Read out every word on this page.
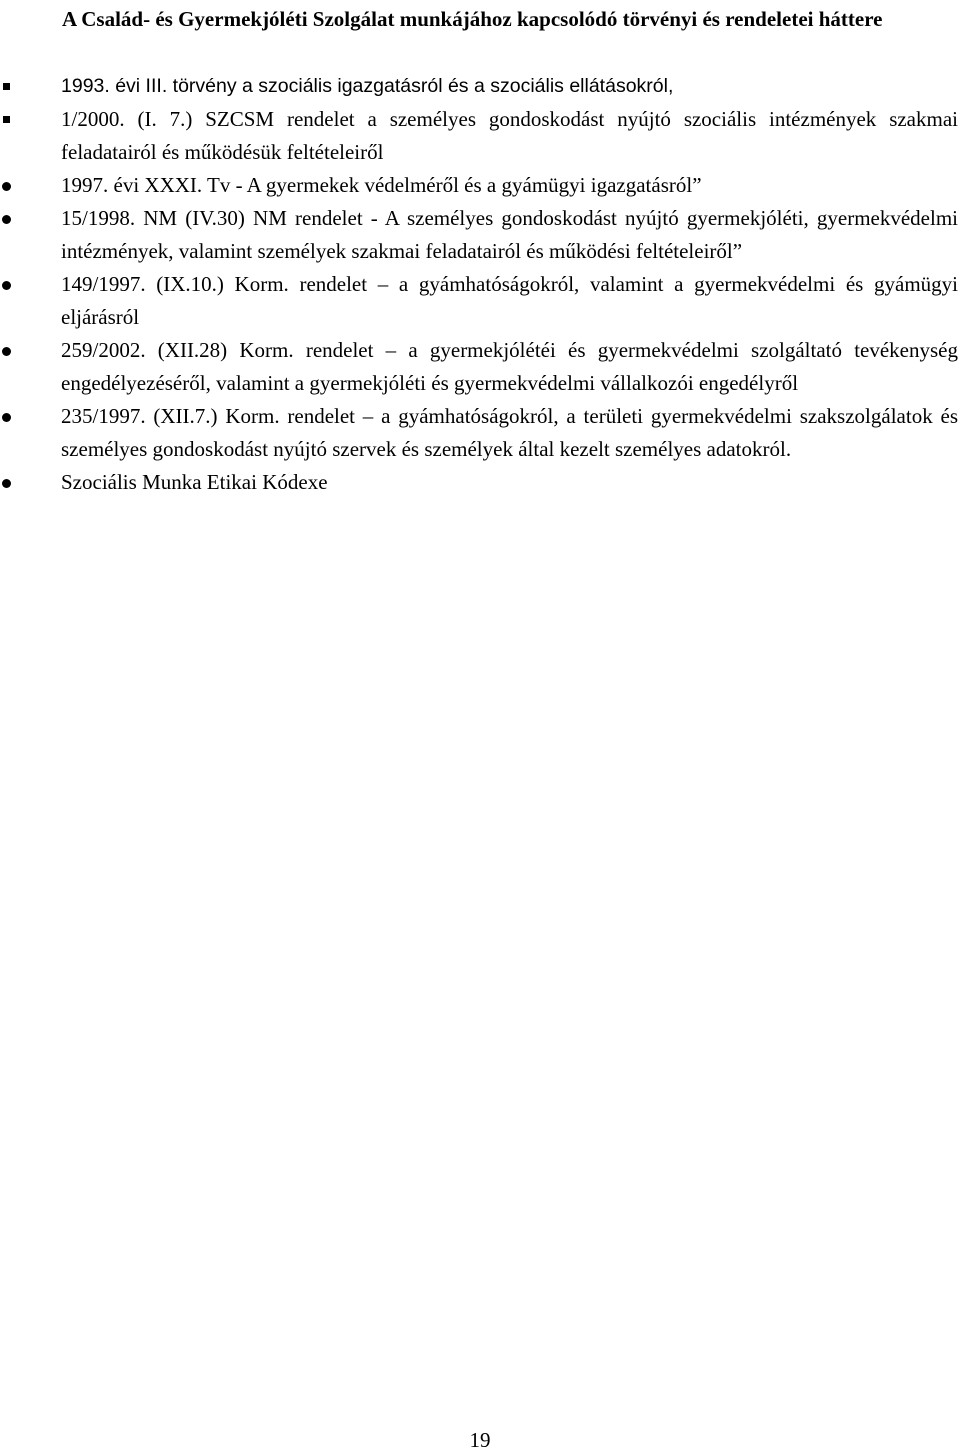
A Család- és Gyermekjóléti Szolgálat munkájához kapcsolódó törvényi és rendeletei háttere
1993. évi III. törvény a szociális igazgatásról és a szociális ellátásokról,
1/2000. (I. 7.) SZCSM rendelet a személyes gondoskodást nyújtó szociális intézmények szakmai feladatairól és működésük feltételeiről
1997. évi XXXI. Tv - A gyermekek védelméről és a gyámügyi igazgatásról”
15/1998. NM (IV.30) NM rendelet - A személyes gondoskodást nyújtó gyermekjóléti, gyermekvédelmi intézmények, valamint személyek szakmai feladatairól és működési feltételeiről”
149/1997. (IX.10.) Korm. rendelet – a gyámhatóságokról, valamint a gyermekvédelmi és gyámügyi eljárásról
259/2002. (XII.28) Korm. rendelet – a gyermekjólétéi és gyermekvédelmi szolgáltató tevékenység engedélyezéséről, valamint a gyermekjóléti és gyermekvédelmi vállalkozói engedélyről
235/1997. (XII.7.) Korm. rendelet – a gyámhatóságokról, a területi gyermekvédelmi szakszolgálatok és személyes gondoskodást nyújtó szervek és személyek által kezelt személyes adatokról.
Szociális Munka Etikai Kódexe
19
